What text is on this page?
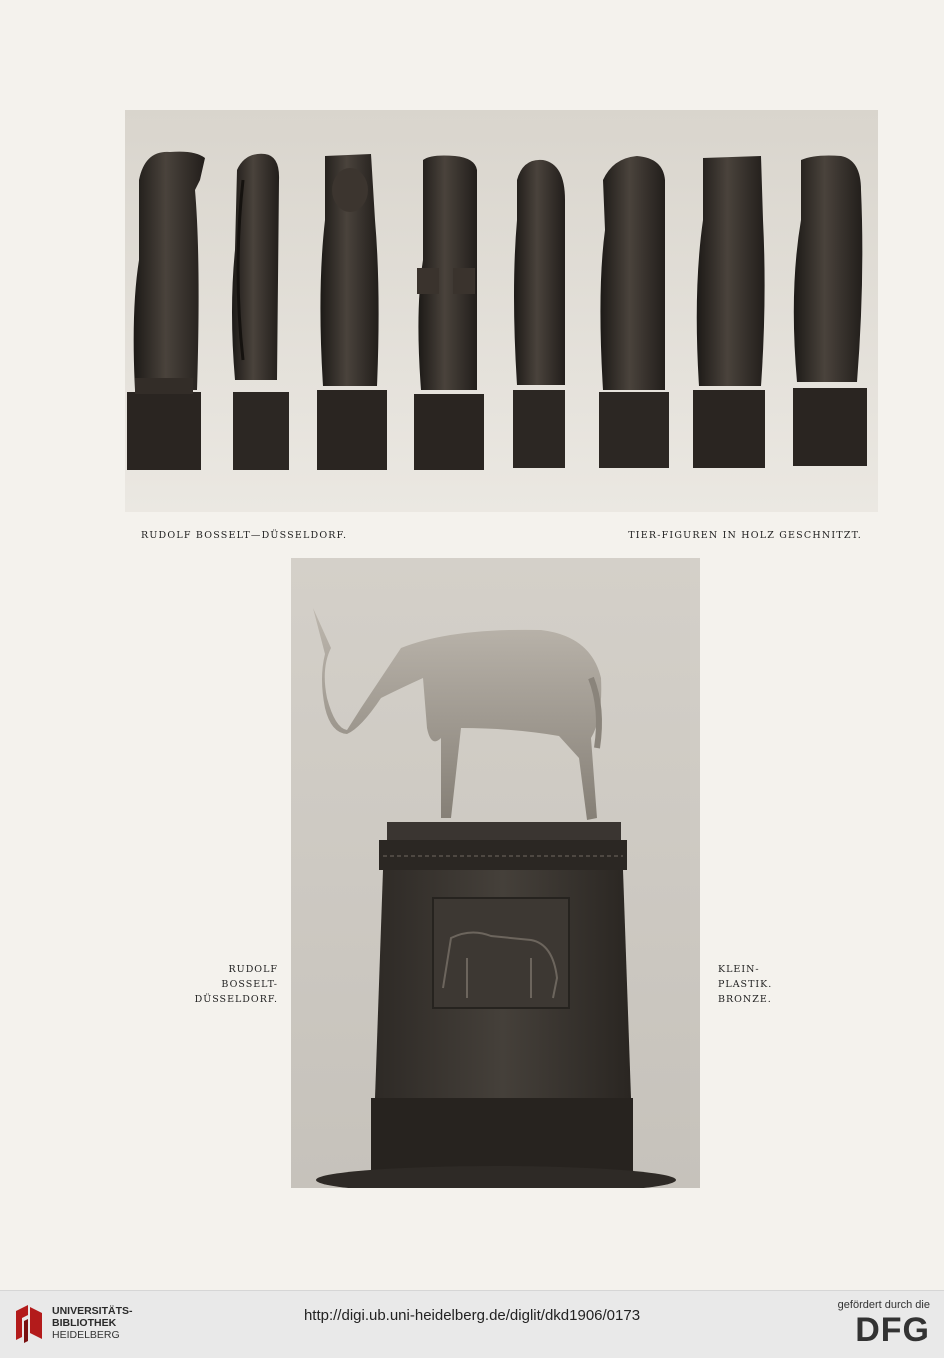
RUDOLF BOSSELT—DÜSSELDORF.	TIER-FIGUREN IN HOLZ GESCHNITZT.
RUDOLF
BOSSELT-
DÜSSELDORF.
KLEIN-
PLASTIK.
BRONZE.
UNIVERSITÄTS-
BIBLIOTHEK
HEIDELBERG
http://digi.ub.uni-heidelberg.de/diglit/dkd1906/0173
gefördert durch die
DFG
